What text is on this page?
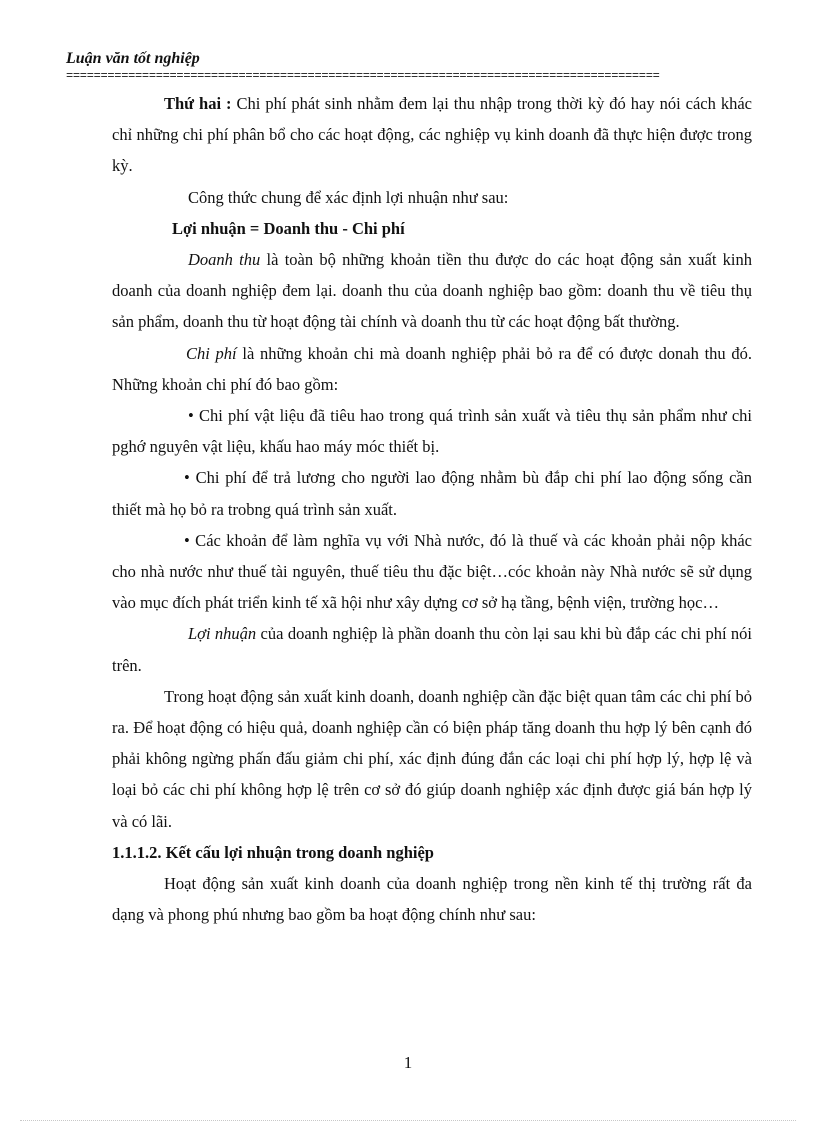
Luận văn tốt nghiệp
======================================================================================

Thứ hai : Chi phí phát sinh nhằm đem lại thu nhập trong thời kỳ đó hay nói cách khác chỉ những chi phí phân bổ cho các hoạt động, các nghiệp vụ kinh doanh đã thực hiện được trong kỳ.

Công thức chung để xác định lợi nhuận như sau:

Lợi nhuận = Doanh thu - Chi phí

Doanh thu là toàn bộ những khoản tiền thu được do các hoạt động sản xuất kinh doanh của doanh nghiệp đem lại. doanh thu của doanh nghiệp bao gồm: doanh thu về tiêu thụ sản phẩm, doanh thu từ hoạt động tài chính và doanh thu từ các hoạt động bất thường.

Chi phí là những khoản chi mà doanh nghiệp phải bỏ ra để có được donah thu đó. Những khoản chi phí đó bao gồm:

• Chi phí vật liệu đã tiêu hao trong quá trình sản xuất và tiêu thụ sản phẩm như chi pghớ nguyên vật liệu, khấu hao máy móc thiết bị.

• Chi phí để trả lương cho người lao động nhằm bù đắp chi phí lao động sống cần thiết mà họ bỏ ra trobng quá trình sản xuất.

• Các khoản để làm nghĩa vụ với Nhà nước, đó là thuế và các khoản phải nộp khác cho nhà nước như thuế tài nguyên, thuế tiêu thu đặc biệt…cóc khoản này Nhà nước sẽ sử dụng vào mục đích phát triển kinh tế xã hội như xây dựng cơ sở hạ tầng, bệnh viện, trường học…

Lợi nhuận của doanh nghiệp là phần doanh thu còn lại sau khi bù đắp các chi phí nói trên.

Trong hoạt động sản xuất kinh doanh, doanh nghiệp cần đặc biệt quan tâm các chi phí bỏ ra. Để hoạt động có hiệu quả, doanh nghiệp cần có biện pháp tăng doanh thu hợp lý bên cạnh đó phải không ngừng phấn đấu giảm chi phí, xác định đúng đắn các loại chi phí hợp lý, hợp lệ và loại bỏ các chi phí không hợp lệ trên cơ sở đó giúp doanh nghiệp xác định được giá bán hợp lý và có lãi.

1.1.1.2. Kết cấu lợi nhuận trong doanh nghiệp

Hoạt động sản xuất kinh doanh của doanh nghiệp trong nền kinh tế thị trường rất đa dạng và phong phú nhưng bao gồm ba hoạt động chính như sau:

1
